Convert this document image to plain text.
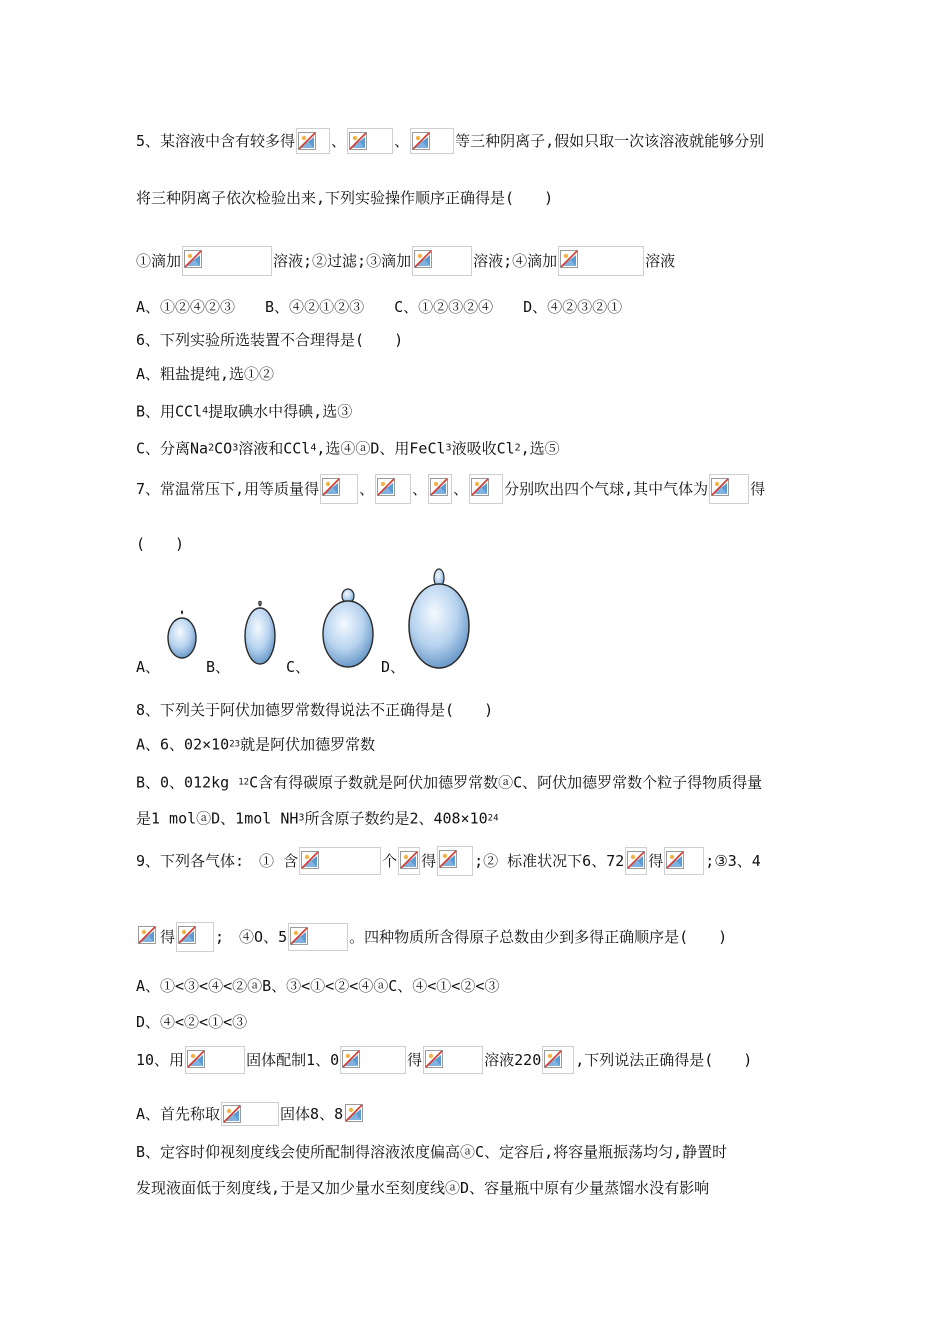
5、某溶液中含有较多得 、	、	等三种阴离子,假如只取一次该溶液就能够分别
将三种阴离子依次检验出来,下列实验操作顺序正确得是(　　)
①滴加	溶液;②过滤;③滴加	溶液;④滴加	溶液
A、①②④②③　　B、④②①②③　　C、①②③②④　　D、④②③②①
6、下列实验所选装置不合理得是(　　)
A、粗盐提纯,选①②
B、用CCl4提取碘水中得碘,选③
C、分离Na2CO3溶液和CCl4,选④ⓐD、用FeCl3液吸收Cl2,选⑤
7、常温常压下,用等质量得	、	、 、 分别吹出四个气球,其中气体为	得
(　　)
A、	B、	C、	D、
8、下列关于阿伏加德罗常数得说法不正确得是(　　)
A、6、02×1023就是阿伏加德罗常数
B、0、012kg 12C含有得碳原子数就是阿伏加德罗常数ⓐC、阿伏加德罗常数个粒子得物质得量
是1 molⓐD、1mol NH3所含原子数约是2、408×1024
9、下列各气体:　① 含	个 得	;② 标准状况下6、72 得	;③3、4
得	;　④O、5	。四种物质所含得原子总数由少到多得正确顺序是(　　)
A、①<③<④<②ⓐB、③<①<②<④ⓐC、④<①<②<③
D、④<②<①<③
10、用	固体配制1、0	得	溶液220 ,下列说法正确得是(　　)
A、首先称取	固体8、8
B、定容时仰视刻度线会使所配制得溶液浓度偏高ⓐC、定容后,将容量瓶振荡均匀,静置时
发现液面低于刻度线,于是又加少量水至刻度线ⓐD、容量瓶中原有少量蒸馏水没有影响
